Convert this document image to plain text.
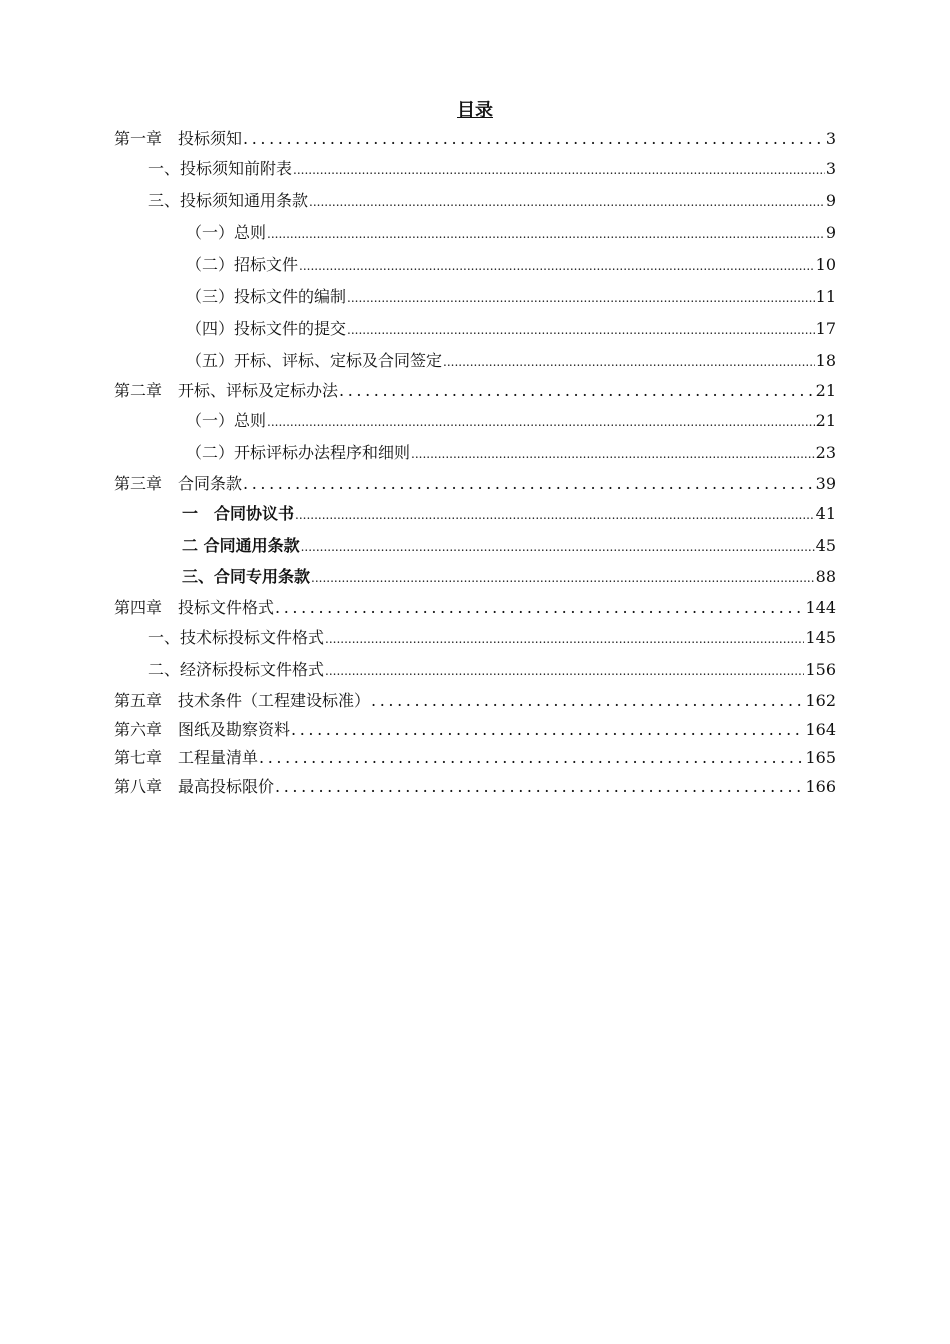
目录
第一章　投标须知 .....	3
一、投标须知前附表 .....	3
三、投标须知通用条款 .....	9
（一）总则 .....	9
（二）招标文件 .....	10
（三）投标文件的编制 .....	11
（四）投标文件的提交 .....	17
（五）开标、评标、定标及合同签定 .....	18
第二章　开标、评标及定标办法 .....	21
（一）总则 .....	21
（二）开标评标办法程序和细则 .....	23
第三章　合同条款 .....	39
一　合同协议书 .....	41
二 合同通用条款 .....	45
三、合同专用条款 .....	88
第四章　投标文件格式 .....	144
一、技术标投标文件格式 .....	145
二、经济标投标文件格式 .....	156
第五章　技术条件（工程建设标准） .....	162
第六章　图纸及勘察资料 .....	164
第七章　工程量清单 .....	165
第八章　最高投标限价 .....	166
